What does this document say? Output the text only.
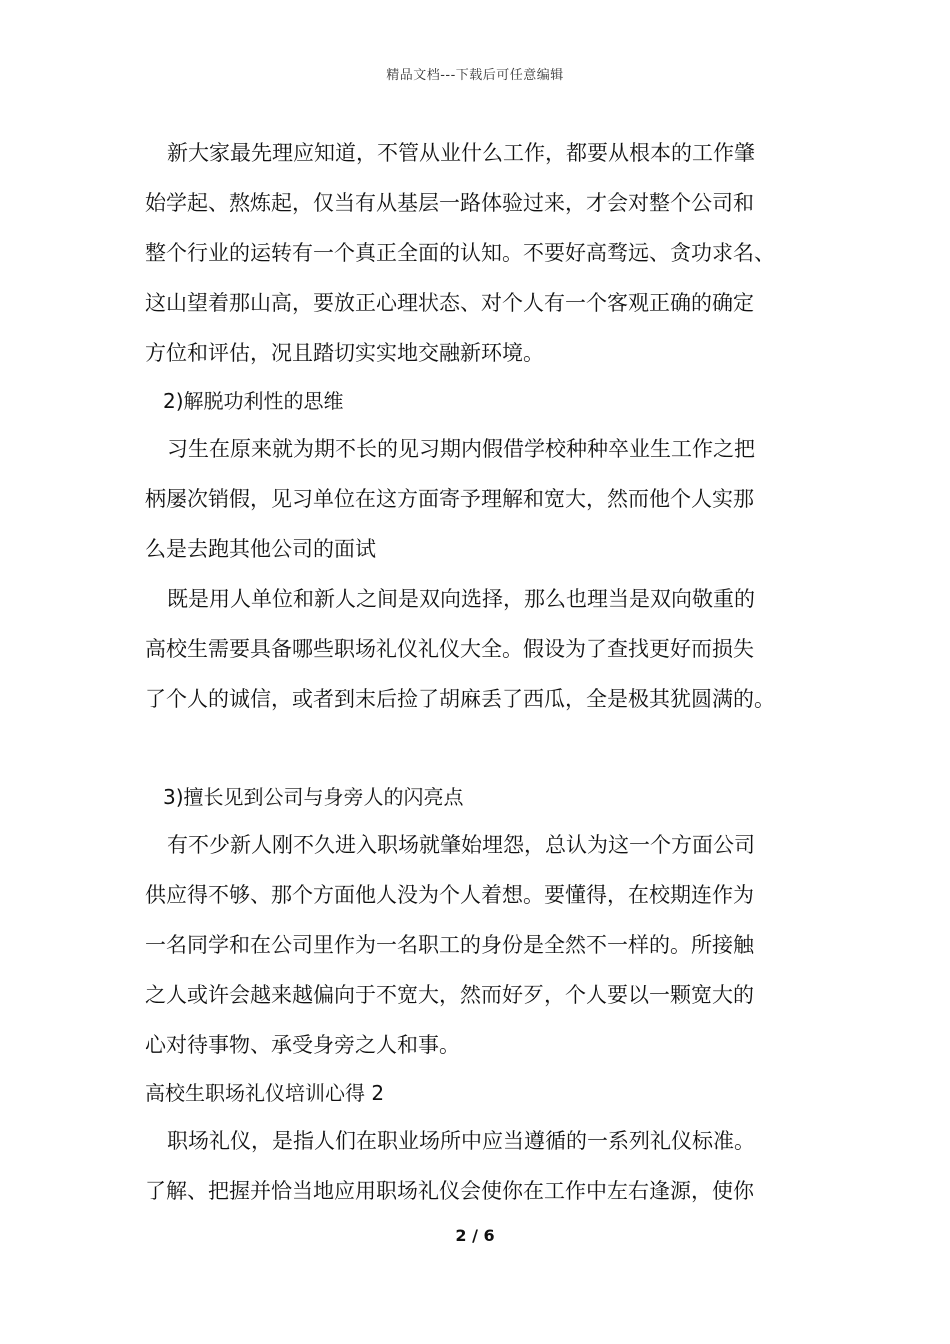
精品文档---下载后可任意编辑
新大家最先理应知道，不管从业什么工作，都要从根本的工作肇
始学起、熬炼起，仅当有从基层一路体验过来，才会对整个公司和
整个行业的运转有一个真正全面的认知。不要好高骛远、贪功求名、
这山望着那山高，要放正心理状态、对个人有一个客观正确的确定
方位和评估，况且踏切实实地交融新环境。
2)解脱功利性的思维
习生在原来就为期不长的见习期内假借学校种种卒业生工作之把
柄屡次销假，见习单位在这方面寄予理解和宽大，然而他个人实那
么是去跑其他公司的面试
既是用人单位和新人之间是双向选择，那么也理当是双向敬重的
高校生需要具备哪些职场礼仪礼仪大全。假设为了查找更好而损失
了个人的诚信，或者到末后捡了胡麻丢了西瓜，全是极其犹圆满的。
3)擅长见到公司与身旁人的闪亮点
有不少新人刚不久进入职场就肇始埋怨，总认为这一个方面公司
供应得不够、那个方面他人没为个人着想。要懂得，在校期连作为
一名同学和在公司里作为一名职工的身份是全然不一样的。所接触
之人或许会越来越偏向于不宽大，然而好歹，个人要以一颗宽大的
心对待事物、承受身旁之人和事。
高校生职场礼仪培训心得 2
职场礼仪，是指人们在职业场所中应当遵循的一系列礼仪标准。
了解、把握并恰当地应用职场礼仪会使你在工作中左右逢源，使你
2 / 6
